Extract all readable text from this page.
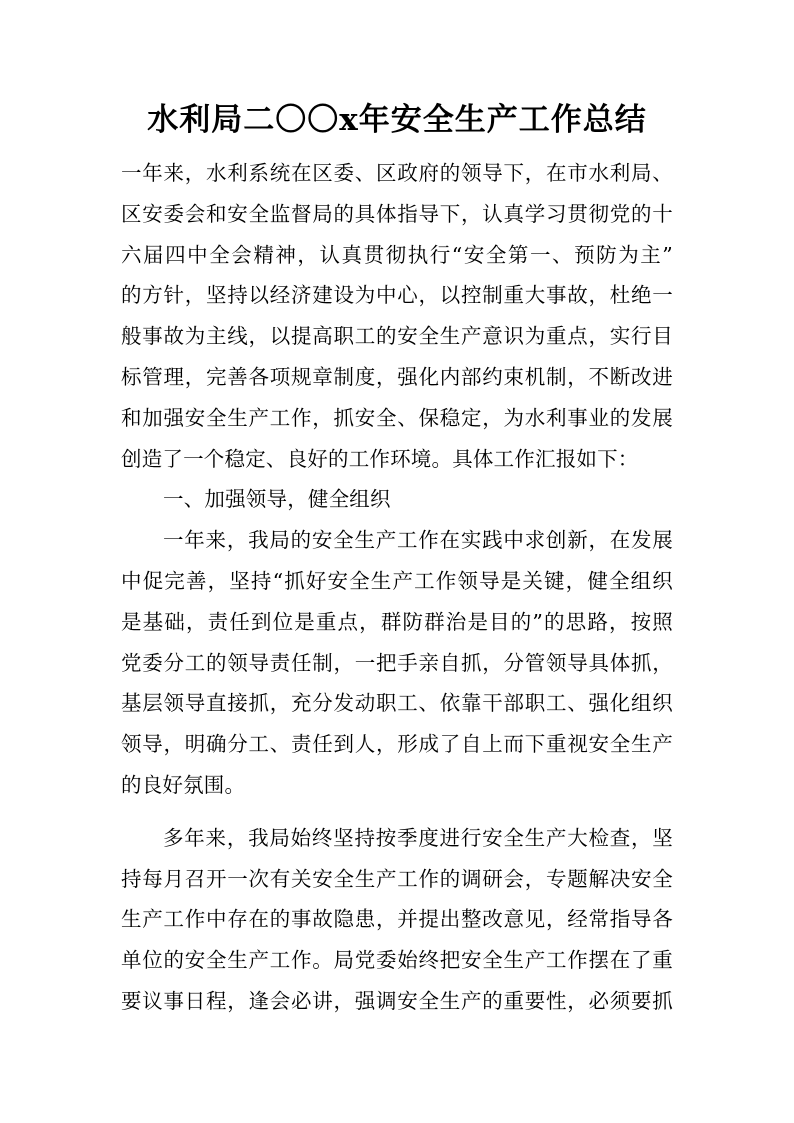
水利局二〇〇x年安全生产工作总结
一年来，水利系统在区委、区政府的领导下，在市水利局、
区安委会和安全监督局的具体指导下，认真学习贯彻党的十
六届四中全会精神，认真贯彻执行“安全第一、预防为主”
的方针，坚持以经济建设为中心，以控制重大事故，杜绝一
般事故为主线，以提高职工的安全生产意识为重点，实行目
标管理，完善各项规章制度，强化内部约束机制，不断改进
和加强安全生产工作，抓安全、保稳定，为水利事业的发展
创造了一个稳定、良好的工作环境。具体工作汇报如下：
一、加强领导，健全组织
一年来，我局的安全生产工作在实践中求创新，在发展
中促完善，坚持“抓好安全生产工作领导是关键，健全组织
是基础，责任到位是重点，群防群治是目的”的思路，按照
党委分工的领导责任制，一把手亲自抓，分管领导具体抓，
基层领导直接抓，充分发动职工、依靠干部职工、强化组织
领导，明确分工、责任到人，形成了自上而下重视安全生产
的良好氛围。
多年来，我局始终坚持按季度进行安全生产大检查，坚
持每月召开一次有关安全生产工作的调研会，专题解决安全
生产工作中存在的事故隐患，并提出整改意见，经常指导各
单位的安全生产工作。局党委始终把安全生产工作摆在了重
要议事日程，逢会必讲，强调安全生产的重要性，必须要抓
